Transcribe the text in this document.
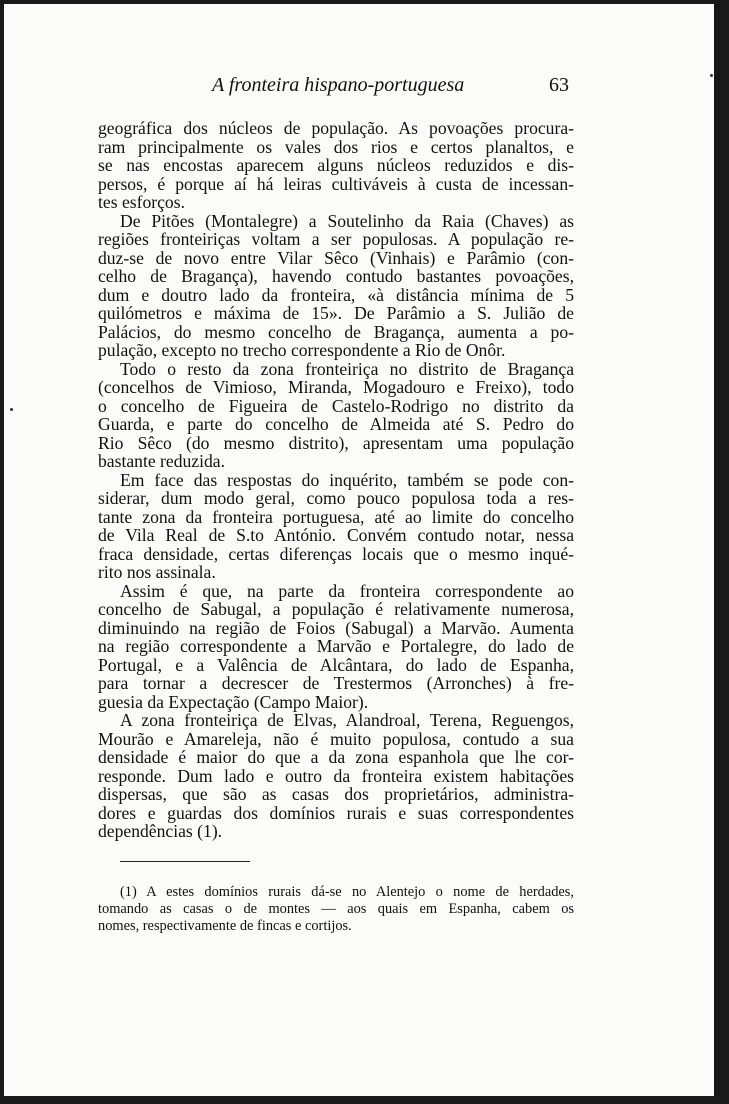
A fronteira hispano-portuguesa	63
geográfica dos núcleos de população. As povoações procura-
ram principalmente os vales dos rios e certos planaltos, e
se nas encostas aparecem alguns núcleos reduzidos e dis-
persos, é porque aí há leiras cultiváveis à custa de incessan-
tes esforços.
De Pitões (Montalegre) a Soutelinho da Raia (Chaves) as
regiões fronteiriças voltam a ser populosas. A população re-
duz-se de novo entre Vilar Sêco (Vinhais) e Parâmio (con-
celho de Bragança), havendo contudo bastantes povoações,
dum e doutro lado da fronteira, «à distância mínima de 5
quilómetros e máxima de 15». De Parâmio a S. Julião de
Palácios, do mesmo concelho de Bragança, aumenta a po-
pulação, excepto no trecho correspondente a Rio de Onôr.
Todo o resto da zona fronteiriça no distrito de Bragança
(concelhos de Vimioso, Miranda, Mogadouro e Freixo), todo
o concelho de Figueira de Castelo-Rodrigo no distrito da
Guarda, e parte do concelho de Almeida até S. Pedro do
Rio Sêco (do mesmo distrito), apresentam uma população
bastante reduzida.
Em face das respostas do inquérito, também se pode con-
siderar, dum modo geral, como pouco populosa toda a res-
tante zona da fronteira portuguesa, até ao limite do concelho
de Vila Real de S.to António. Convém contudo notar, nessa
fraca densidade, certas diferenças locais que o mesmo inqué-
rito nos assinala.
Assim é que, na parte da fronteira correspondente ao
concelho de Sabugal, a população é relativamente numerosa,
diminuindo na região de Foios (Sabugal) a Marvão. Aumenta
na região correspondente a Marvão e Portalegre, do lado de
Portugal, e a Valência de Alcântara, do lado de Espanha,
para tornar a decrescer de Trestermos (Arronches) à fre-
guesia da Expectação (Campo Maior).
A zona fronteiriça de Elvas, Alandroal, Terena, Reguengos,
Mourão e Amareleja, não é muito populosa, contudo a sua
densidade é maior do que a da zona espanhola que lhe cor-
responde. Dum lado e outro da fronteira existem habitações
dispersas, que são as casas dos proprietários, administra-
dores e guardas dos domínios rurais e suas correspondentes
dependências (1).
(1) A estes domínios rurais dá-se no Alentejo o nome de herdades,
tomando as casas o de montes — aos quais em Espanha, cabem os
nomes, respectivamente de fincas e cortijos.
